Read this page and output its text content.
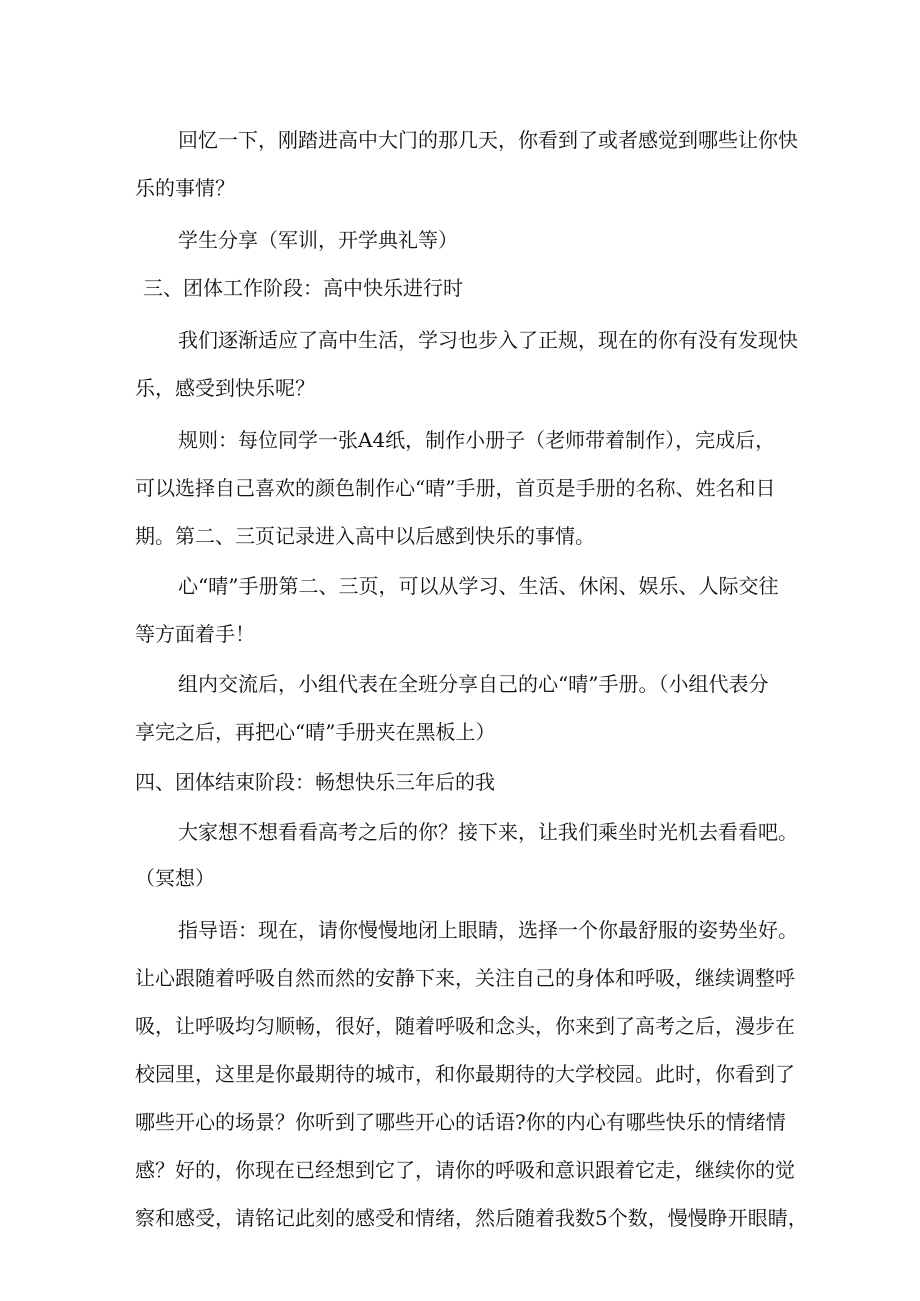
回忆一下，刚踏进高中大门的那几天，你看到了或者感觉到哪些让你快
乐的事情？
学生分享（军训，开学典礼等）
三、团体工作阶段：高中快乐进行时
我们逐渐适应了高中生活，学习也步入了正规，现在的你有没有发现快
乐，感受到快乐呢？
规则：每位同学一张A4纸，制作小册子（老师带着制作），完成后，
可以选择自己喜欢的颜色制作心“晴”手册，首页是手册的名称、姓名和日
期。第二、三页记录进入高中以后感到快乐的事情。
心“晴”手册第二、三页，可以从学习、生活、休闲、娱乐、人际交往
等方面着手！
组内交流后，小组代表在全班分享自己的心“晴”手册。（小组代表分
享完之后，再把心“晴”手册夹在黑板上）
四、团体结束阶段：畅想快乐三年后的我
大家想不想看看高考之后的你？接下来，让我们乘坐时光机去看看吧。
（冥想）
指导语：现在，请你慢慢地闭上眼睛，选择一个你最舒服的姿势坐好。
让心跟随着呼吸自然而然的安静下来，关注自己的身体和呼吸，继续调整呼
吸，让呼吸均匀顺畅，很好，随着呼吸和念头，你来到了高考之后，漫步在
校园里，这里是你最期待的城市，和你最期待的大学校园。此时，你看到了
哪些开心的场景？你听到了哪些开心的话语?你的内心有哪些快乐的情绪情
感？好的，你现在已经想到它了，请你的呼吸和意识跟着它走，继续你的觉
察和感受，请铭记此刻的感受和情绪，然后随着我数5个数，慢慢睁开眼睛，
